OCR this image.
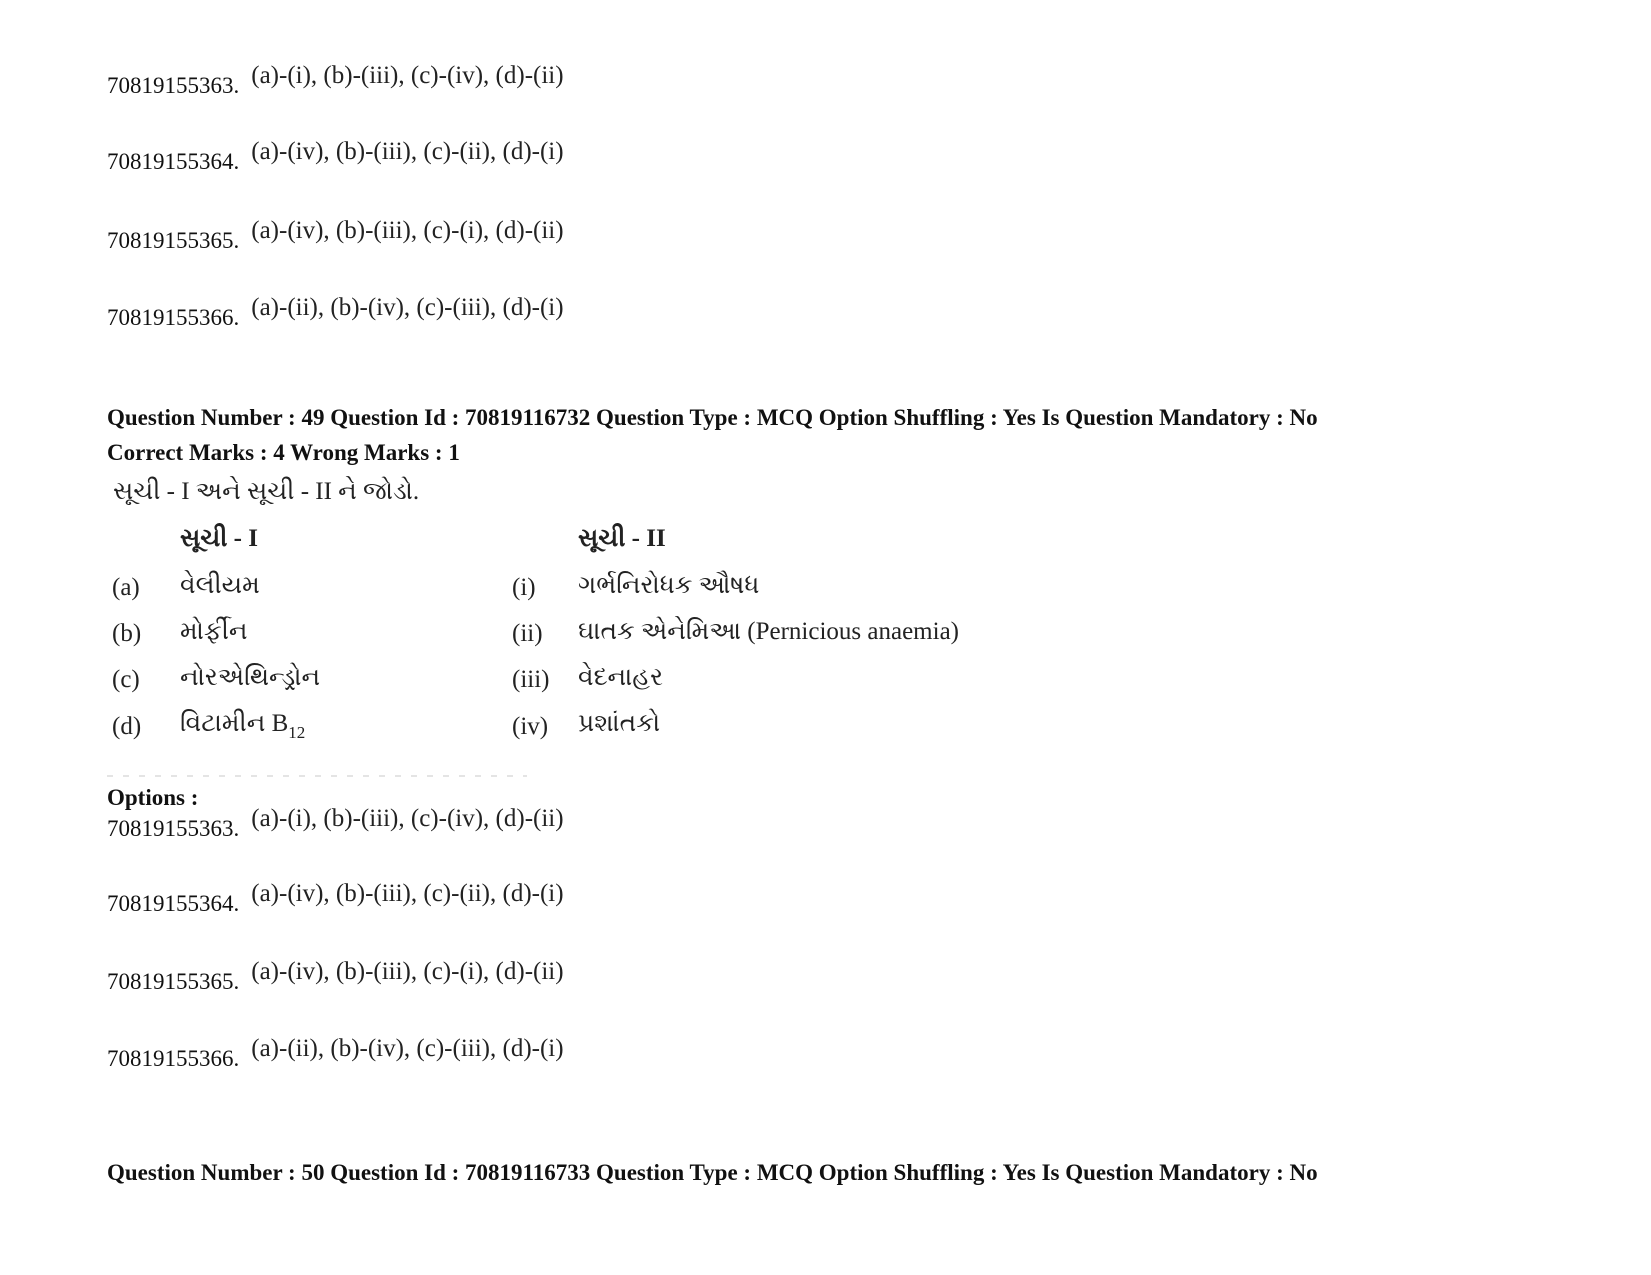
70819155363. (a)-(i), (b)-(iii), (c)-(iv), (d)-(ii)
70819155364. (a)-(iv), (b)-(iii), (c)-(ii), (d)-(i)
70819155365. (a)-(iv), (b)-(iii), (c)-(i), (d)-(ii)
70819155366. (a)-(ii), (b)-(iv), (c)-(iii), (d)-(i)
Question Number : 49 Question Id : 70819116732 Question Type : MCQ Option Shuffling : Yes Is Question Mandatory : No
Correct Marks : 4 Wrong Marks : 1
સૂચી - I અને સૂચી - II ને જોડો.
સૂચી - I	સૂચી - II
(a) વેલીયમ	(i) ગર્ભનિરોધક ઔષધ
(b) મોર્ફીન	(ii) ઘાતક એનેમિઆ (Pernicious anaemia)
(c) નોરએથિન્ડ્રોન	(iii) વેદનાહર
(d) વિટામીન $B_{12}$	(iv) પ્રશાંતકો
Options :
70819155363. (a)-(i), (b)-(iii), (c)-(iv), (d)-(ii)
70819155364. (a)-(iv), (b)-(iii), (c)-(ii), (d)-(i)
70819155365. (a)-(iv), (b)-(iii), (c)-(i), (d)-(ii)
70819155366. (a)-(ii), (b)-(iv), (c)-(iii), (d)-(i)
Question Number : 50 Question Id : 70819116733 Question Type : MCQ Option Shuffling : Yes Is Question Mandatory : No
